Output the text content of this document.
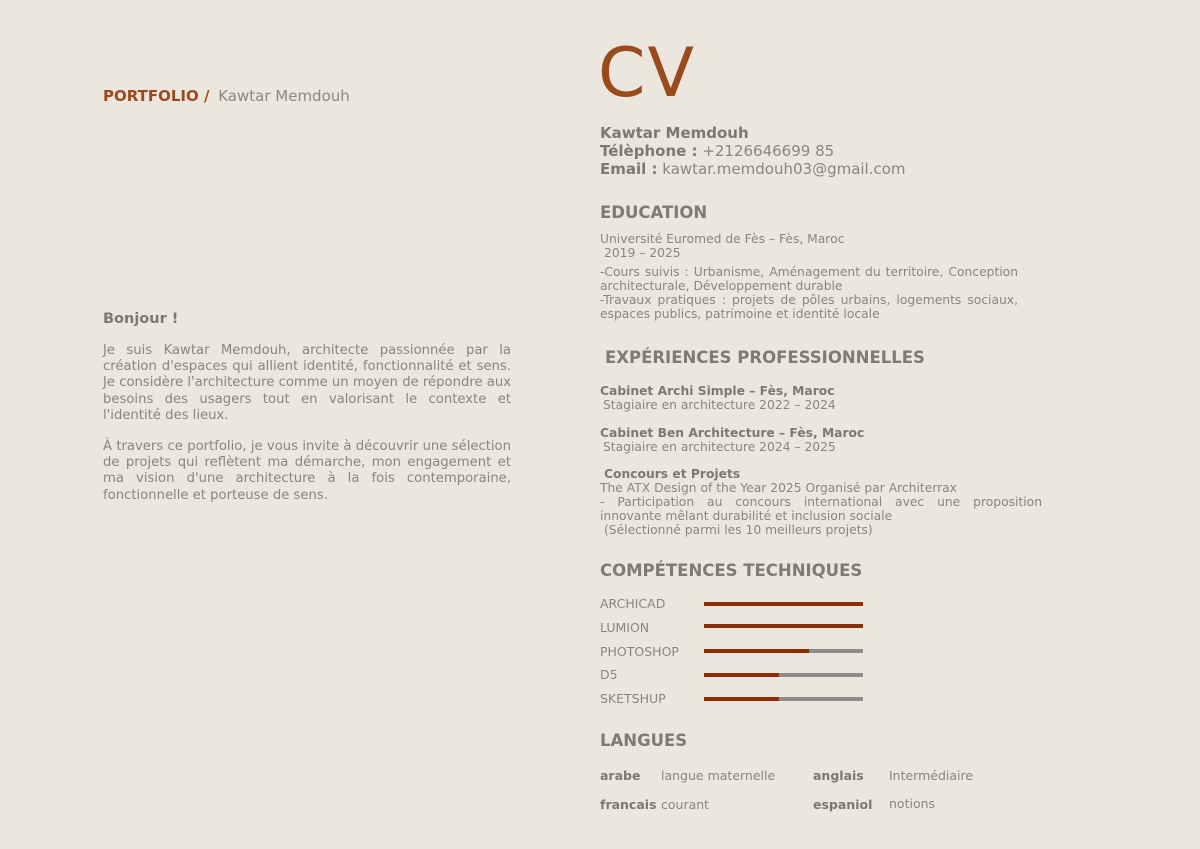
PORTFOLIO / Kawtar Memdouh
Bonjour !

Je suis Kawtar Memdouh, architecte passionnée par la création d'espaces qui allient identité, fonctionnalité et sens. Je considère l'architecture comme un moyen de répondre aux besoins des usagers tout en valorisant le contexte et l'identité des lieux.

À travers ce portfolio, je vous invite à découvrir une sélection de projets qui reflètent ma démarche, mon engagement et ma vision d'une architecture à la fois contemporaine, fonctionnelle et porteuse de sens.

CV
Kawtar Memdouh
Télèphone : +2126646699 85
Email : kawtar.memdouh03@gmail.com
EDUCATION
Université Euromed de Fès – Fès, Maroc
2019 – 2025
-Cours suivis : Urbanisme, Aménagement du territoire, Conception architecturale, Développement durable
-Travaux pratiques : projets de pôles urbains, logements sociaux, espaces publics, patrimoine et identité locale
EXPÉRIENCES PROFESSIONNELLES
Cabinet Archi Simple – Fès, Maroc
Stagiaire en architecture 2022 – 2024
Cabinet Ben Architecture – Fès, Maroc
Stagiaire en architecture 2024 – 2025
Concours et Projets
The ATX Design of the Year 2025 Organisé par Architerrax
- Participation au concours international avec une proposition innovante mêlant durabilité et inclusion sociale
(Sélectionné parmi les 10 meilleurs projets)
COMPÉTENCES TECHNIQUES
ARCHICAD
LUMION
PHOTOSHOP
D5
SKETSHUP
LANGUES
arabe langue maternelle	anglais Intermédiaire
francais courant	espaniol notions
